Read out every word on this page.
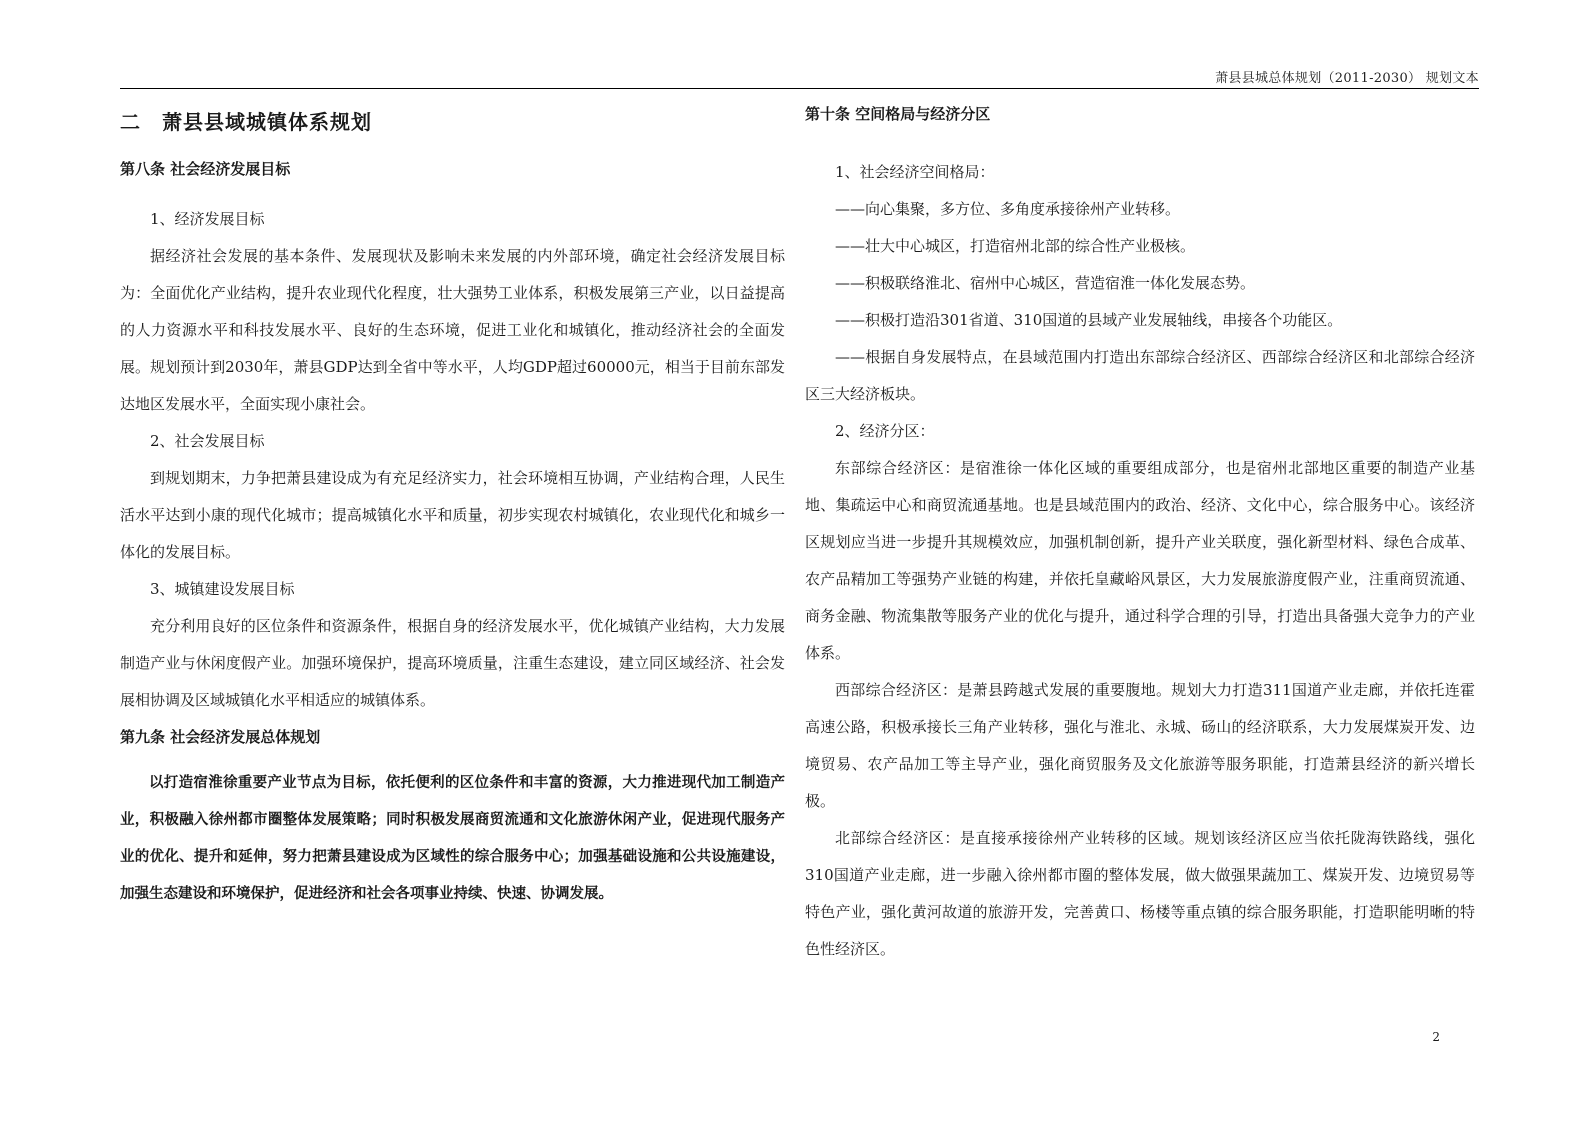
萧县县城总体规划（2011-2030） 规划文本
二 萧县县域城镇体系规划
第八条 社会经济发展目标

1、经济发展目标

据经济社会发展的基本条件、发展现状及影响未来发展的内外部环境，确定社会经济发展目标为：全面优化产业结构，提升农业现代化程度，壮大强势工业体系，积极发展第三产业，以日益提高的人力资源水平和科技发展水平、良好的生态环境，促进工业化和城镇化，推动经济社会的全面发展。规划预计到2030年，萧县GDP达到全省中等水平，人均GDP超过60000元，相当于目前东部发达地区发展水平，全面实现小康社会。

2、社会发展目标

到规划期末，力争把萧县建设成为有充足经济实力，社会环境相互协调，产业结构合理，人民生活水平达到小康的现代化城市；提高城镇化水平和质量，初步实现农村城镇化，农业现代化和城乡一体化的发展目标。

3、城镇建设发展目标

充分利用良好的区位条件和资源条件，根据自身的经济发展水平，优化城镇产业结构，大力发展制造产业与休闲度假产业。加强环境保护，提高环境质量，注重生态建设，建立同区域经济、社会发展相协调及区域城镇化水平相适应的城镇体系。

第九条 社会经济发展总体规划

以打造宿淮徐重要产业节点为目标，依托便利的区位条件和丰富的资源，大力推进现代加工制造产业，积极融入徐州都市圈整体发展策略；同时积极发展商贸流通和文化旅游休闲产业，促进现代服务产业的优化、提升和延伸，努力把萧县建设成为区域性的综合服务中心；加强基础设施和公共设施建设，加强生态建设和环境保护，促进经济和社会各项事业持续、快速、协调发展。

第十条 空间格局与经济分区

1、社会经济空间格局：

——向心集聚，多方位、多角度承接徐州产业转移。

——壮大中心城区，打造宿州北部的综合性产业极核。

——积极联络淮北、宿州中心城区，营造宿淮一体化发展态势。

——积极打造沿301省道、310国道的县域产业发展轴线，串接各个功能区。

——根据自身发展特点，在县域范围内打造出东部综合经济区、西部综合经济区和北部综合经济区三大经济板块。

2、经济分区：

东部综合经济区：是宿淮徐一体化区域的重要组成部分，也是宿州北部地区重要的制造产业基地、集疏运中心和商贸流通基地。也是县域范围内的政治、经济、文化中心，综合服务中心。该经济区规划应当进一步提升其规模效应，加强机制创新，提升产业关联度，强化新型材料、绿色合成革、农产品精加工等强势产业链的构建，并依托皇藏峪风景区，大力发展旅游度假产业，注重商贸流通、商务金融、物流集散等服务产业的优化与提升，通过科学合理的引导，打造出具备强大竞争力的产业体系。

西部综合经济区：是萧县跨越式发展的重要腹地。规划大力打造311国道产业走廊，并依托连霍高速公路，积极承接长三角产业转移，强化与淮北、永城、砀山的经济联系，大力发展煤炭开发、边境贸易、农产品加工等主导产业，强化商贸服务及文化旅游等服务职能，打造萧县经济的新兴增长极。

北部综合经济区：是直接承接徐州产业转移的区域。规划该经济区应当依托陇海铁路线，强化310国道产业走廊，进一步融入徐州都市圈的整体发展，做大做强果蔬加工、煤炭开发、边境贸易等特色产业，强化黄河故道的旅游开发，完善黄口、杨楼等重点镇的综合服务职能，打造职能明晰的特色性经济区。

2
